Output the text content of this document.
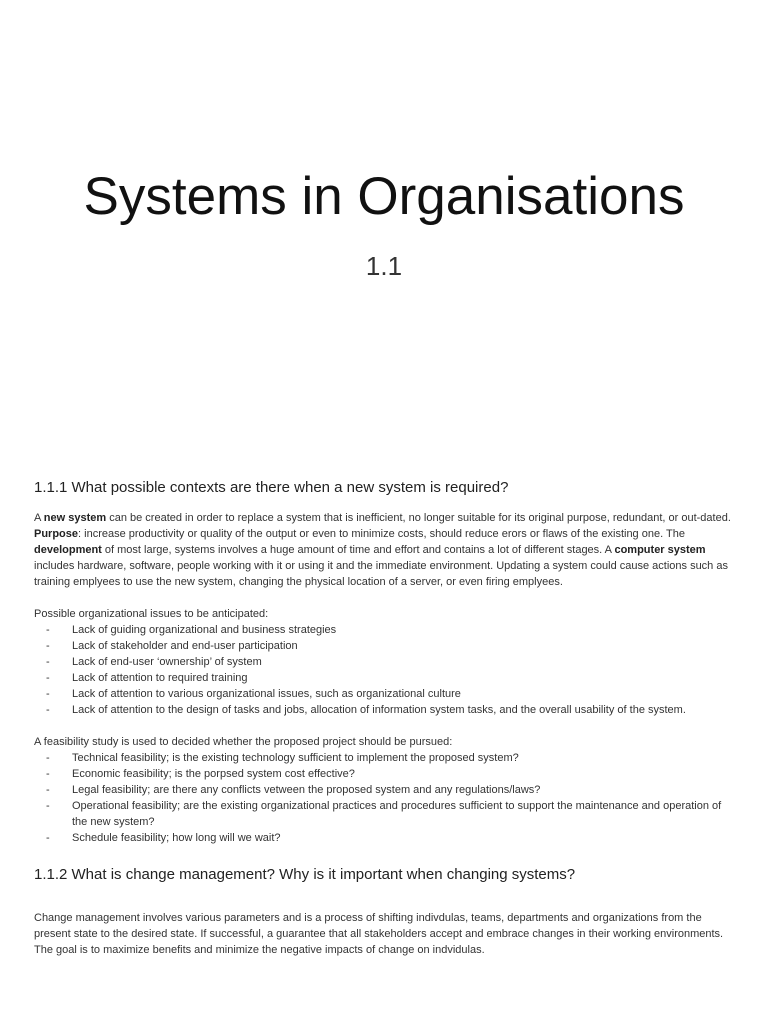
Systems in Organisations
1.1
1.1.1 What possible contexts are there when a new system is required?

A new system can be created in order to replace a system that is inefficient, no longer suitable for its original purpose, redundant, or out-dated. Purpose: increase productivity or quality of the output or even to minimize costs, should reduce erors or flaws of the existing one. The development of most large, systems involves a huge amount of time and effort and contains a lot of different stages. A computer system includes hardware, software, people working with it or using it and the immediate environment. Updating a system could cause actions such as training emplyees to use the new system, changing the physical location of a server, or even firing emplyees.

Possible organizational issues to be anticipated:

- Lack of guiding organizational and business strategies
- Lack of stakeholder and end-user participation
- Lack of end-user ‘ownership’ of system
- Lack of attention to required training
- Lack of attention to various organizational issues, such as organizational culture
- Lack of attention to the design of tasks and jobs, allocation of information system tasks, and the overall usability of the system.

A feasibility study is used to decided whether the proposed project should be pursued:

- Technical feasibility; is the existing technology sufficient to implement the proposed system?
- Economic feasibility; is the porpsed system cost effective?
- Legal feasibility; are there any conflicts vetween the proposed system and any regulations/laws?
- Operational feasibility; are the existing organizational practices and procedures sufficient to support the maintenance and operation of the new system?
- Schedule feasibility; how long will we wait?
1.1.2 What is change management? Why is it important when changing systems?

Change management involves various parameters and is a process of shifting indivdulas, teams, departments and organizations from the present state to the desired state. If successful, a guarantee that all stakeholders accept and embrace changes in their working environments. The goal is to maximize benefits and minimize the negative impacts of change on indvidulas.
